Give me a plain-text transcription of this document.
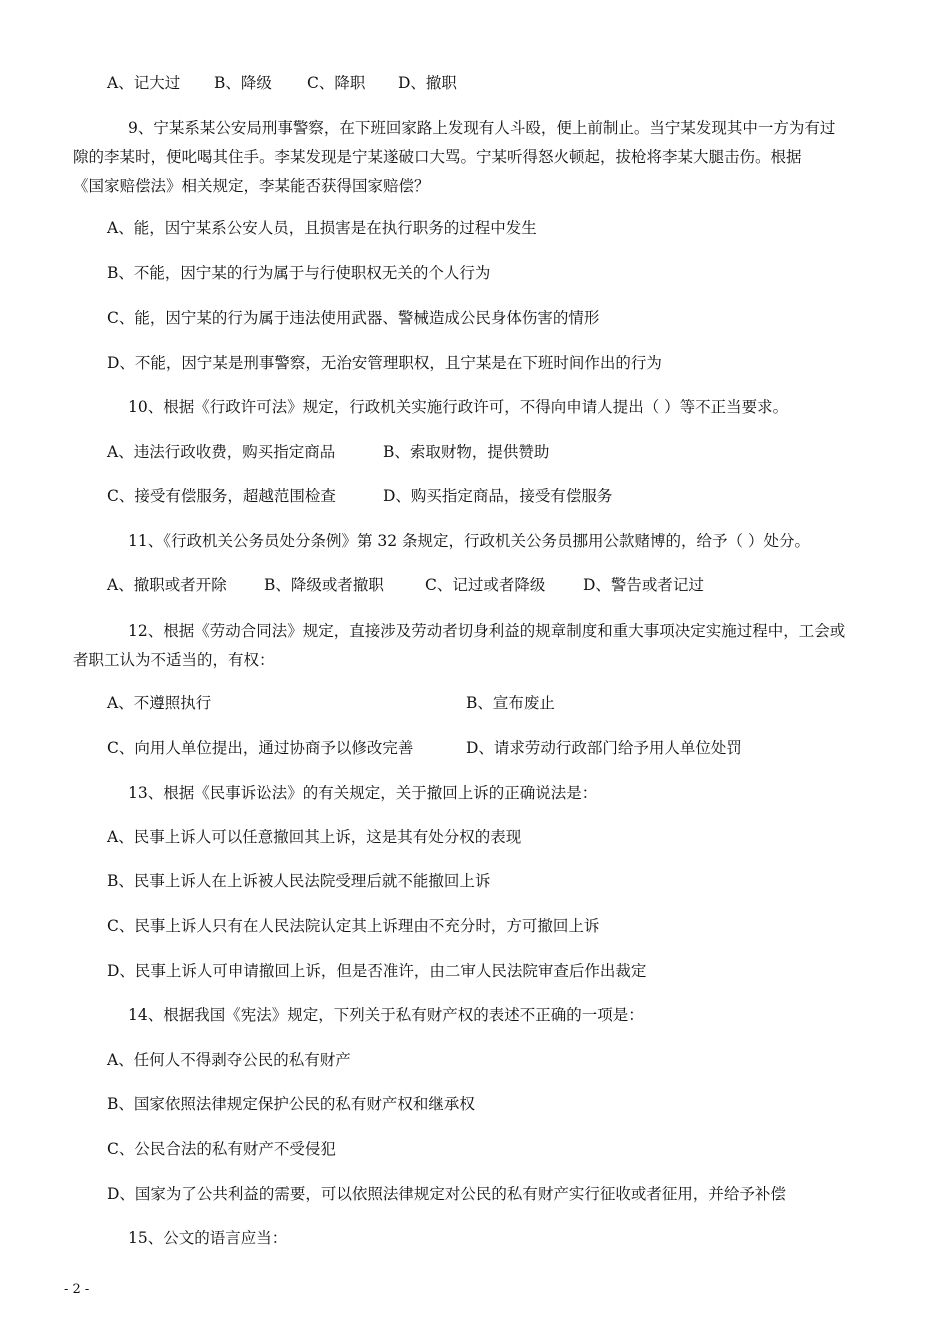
A、记大过 B、降级 C、降职 D、撤职
9、宁某系某公安局刑事警察，在下班回家路上发现有人斗殴，便上前制止。当宁某发现其中一方为有过
隙的李某时，便叱喝其住手。李某发现是宁某遂破口大骂。宁某听得怒火顿起，拔枪将李某大腿击伤。根据
《国家赔偿法》相关规定，李某能否获得国家赔偿？
A、能，因宁某系公安人员，且损害是在执行职务的过程中发生
B、不能，因宁某的行为属于与行使职权无关的个人行为
C、能，因宁某的行为属于违法使用武器、警械造成公民身体伤害的情形
D、不能，因宁某是刑事警察，无治安管理职权，且宁某是在下班时间作出的行为
10、根据《行政许可法》规定，行政机关实施行政许可，不得向申请人提出（ ）等不正当要求。
A、违法行政收费，购买指定商品	B、索取财物，提供赞助
C、接受有偿服务，超越范围检查	D、购买指定商品，接受有偿服务
11、《行政机关公务员处分条例》第 32 条规定，行政机关公务员挪用公款赌博的，给予（ ）处分。
A、撤职或者开除 B、降级或者撤职	C、记过或者降级 D、警告或者记过
12、根据《劳动合同法》规定，直接涉及劳动者切身利益的规章制度和重大事项决定实施过程中，工会或
者职工认为不适当的，有权：
A、不遵照执行	B、宣布废止
C、向用人单位提出，通过协商予以修改完善	D、请求劳动行政部门给予用人单位处罚
13、根据《民事诉讼法》的有关规定，关于撤回上诉的正确说法是：
A、民事上诉人可以任意撤回其上诉，这是其有处分权的表现
B、民事上诉人在上诉被人民法院受理后就不能撤回上诉
C、民事上诉人只有在人民法院认定其上诉理由不充分时，方可撤回上诉
D、民事上诉人可申请撤回上诉，但是否准许，由二审人民法院审查后作出裁定
14、根据我国《宪法》规定，下列关于私有财产权的表述不正确的一项是：
A、任何人不得剥夺公民的私有财产
B、国家依照法律规定保护公民的私有财产权和继承权
C、公民合法的私有财产不受侵犯
D、国家为了公共利益的需要，可以依照法律规定对公民的私有财产实行征收或者征用，并给予补偿
15、公文的语言应当：
- 2 -
